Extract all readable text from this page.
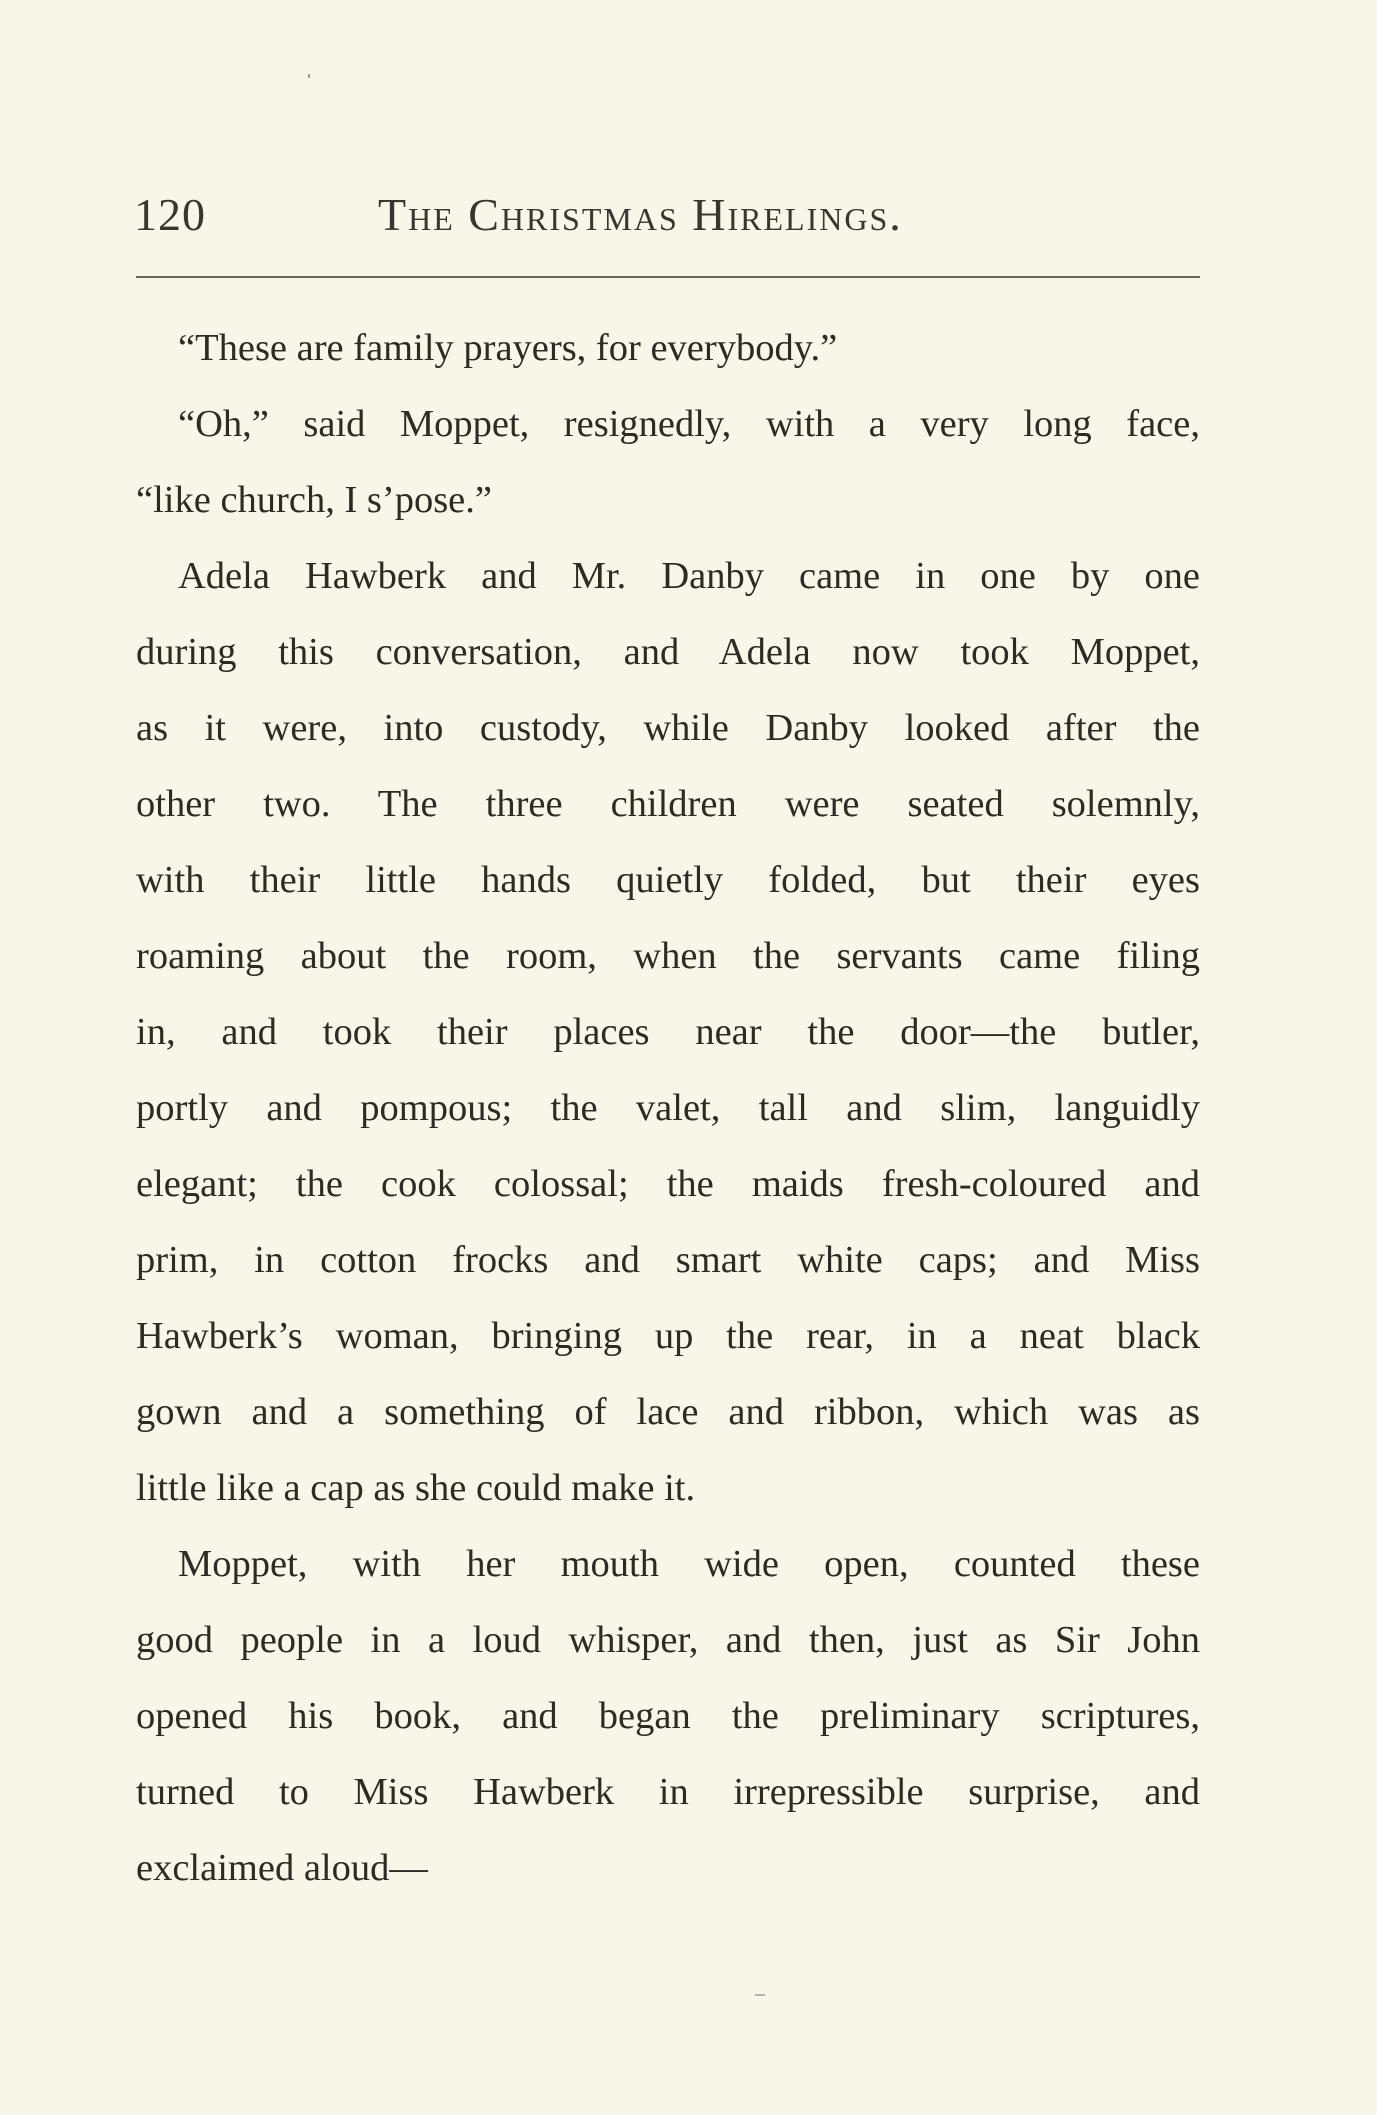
120	The Christmas Hirelings.
“These are family prayers, for everybody.”
“Oh,” said Moppet, resignedly, with a very long face,
“like church, I s’pose.”
Adela Hawberk and Mr. Danby came in one by one
during this conversation, and Adela now took Moppet,
as it were, into custody, while Danby looked after the
other two. The three children were seated solemnly,
with their little hands quietly folded, but their eyes
roaming about the room, when the servants came filing
in, and took their places near the door—the butler,
portly and pompous; the valet, tall and slim, languidly
elegant; the cook colossal; the maids fresh-coloured and
prim, in cotton frocks and smart white caps; and Miss
Hawberk’s woman, bringing up the rear, in a neat black
gown and a something of lace and ribbon, which was as
little like a cap as she could make it.
Moppet, with her mouth wide open, counted these
good people in a loud whisper, and then, just as Sir John
opened his book, and began the preliminary scriptures,
turned to Miss Hawberk in irrepressible surprise, and
exclaimed aloud—
